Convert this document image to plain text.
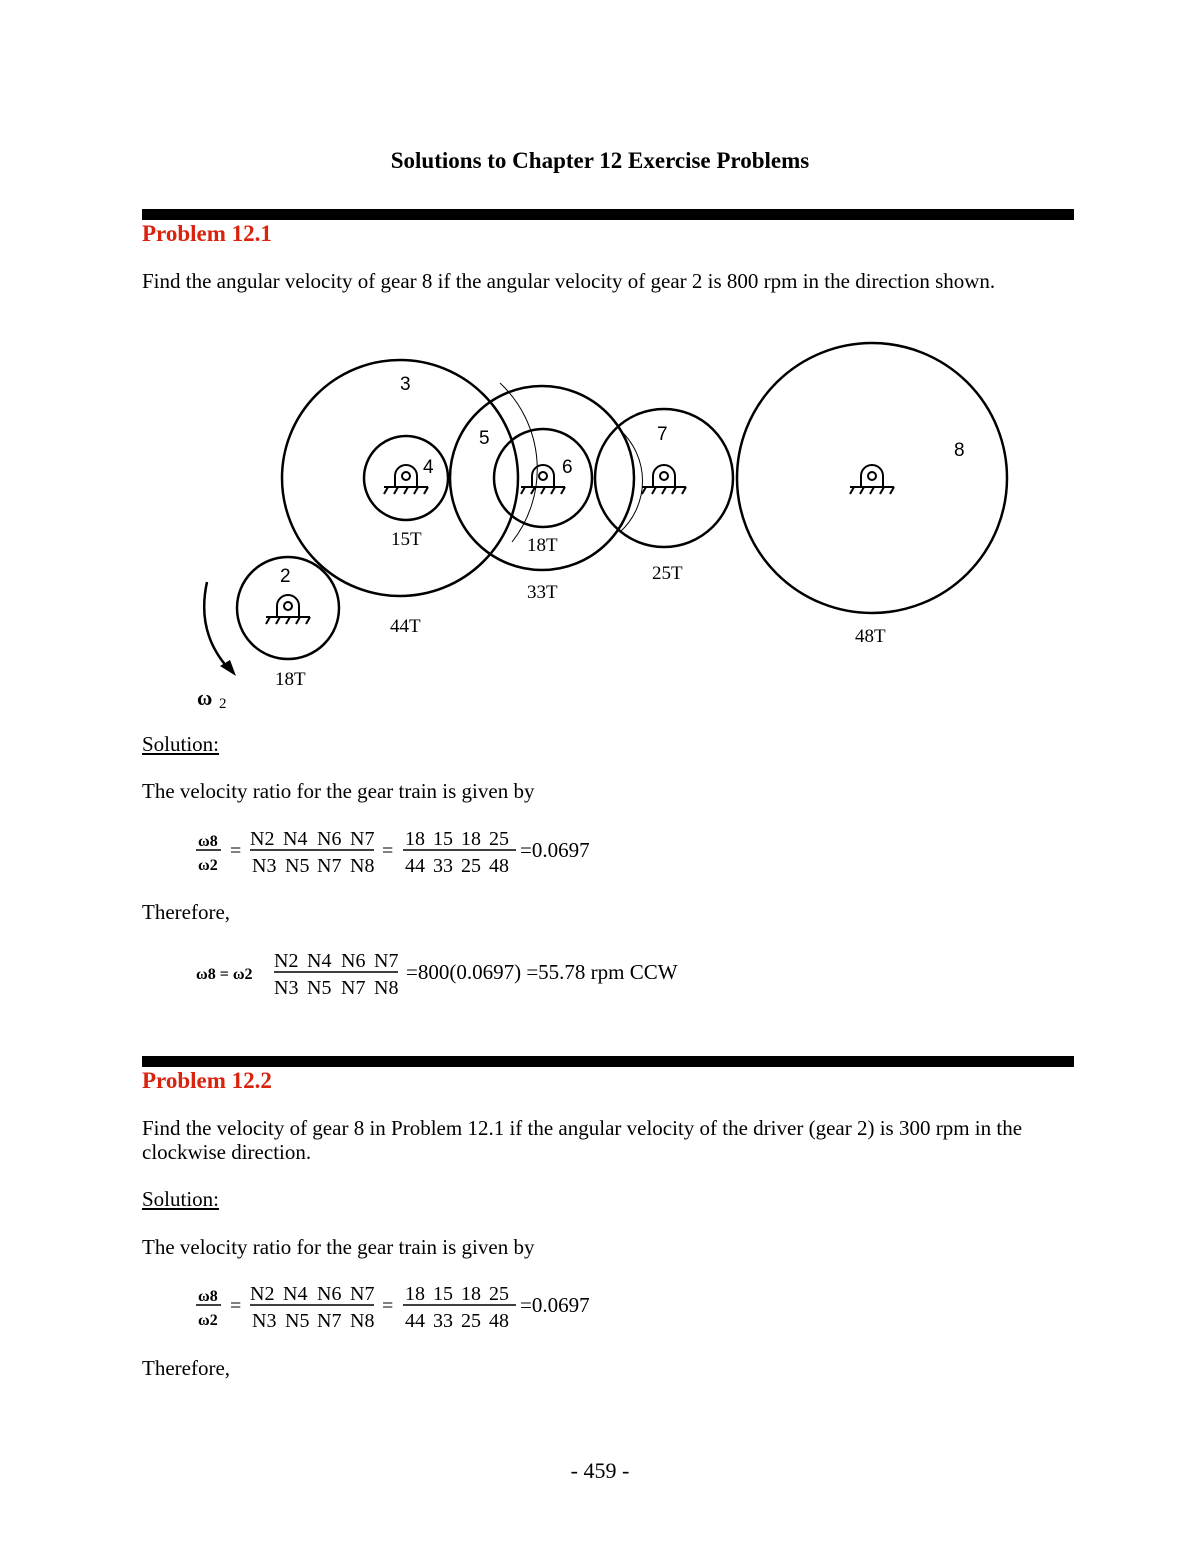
Solutions to Chapter 12 Exercise Problems
Problem 12.1
Find the angular velocity of gear 8 if the angular velocity of gear 2 is 800 rpm in the direction shown.
2
3
4
5
6
7
8
18T
44T
15T
33T
18T
25T
48T
ω 2
Solution:
The velocity ratio for the gear train is given by
ω8
ω2
=
N2 N4 N6 N7
N3 N5 N7 N8
=
18 15 18 25
44 33 25 48
=0.0697
Therefore,
ω8 = ω2
N2 N4 N6 N7
N3 N5 N7 N8
=800(0.0697) =55.78 rpm CCW
Problem 12.2
Find the velocity of gear 8 in Problem 12.1 if the angular velocity of the driver (gear 2) is 300 rpm in the clockwise direction.
Solution:
The velocity ratio for the gear train is given by
ω8
ω2
=
N2 N4 N6 N7
N3 N5 N7 N8
=
18 15 18 25
44 33 25 48
=0.0697
Therefore,
- 459 -
